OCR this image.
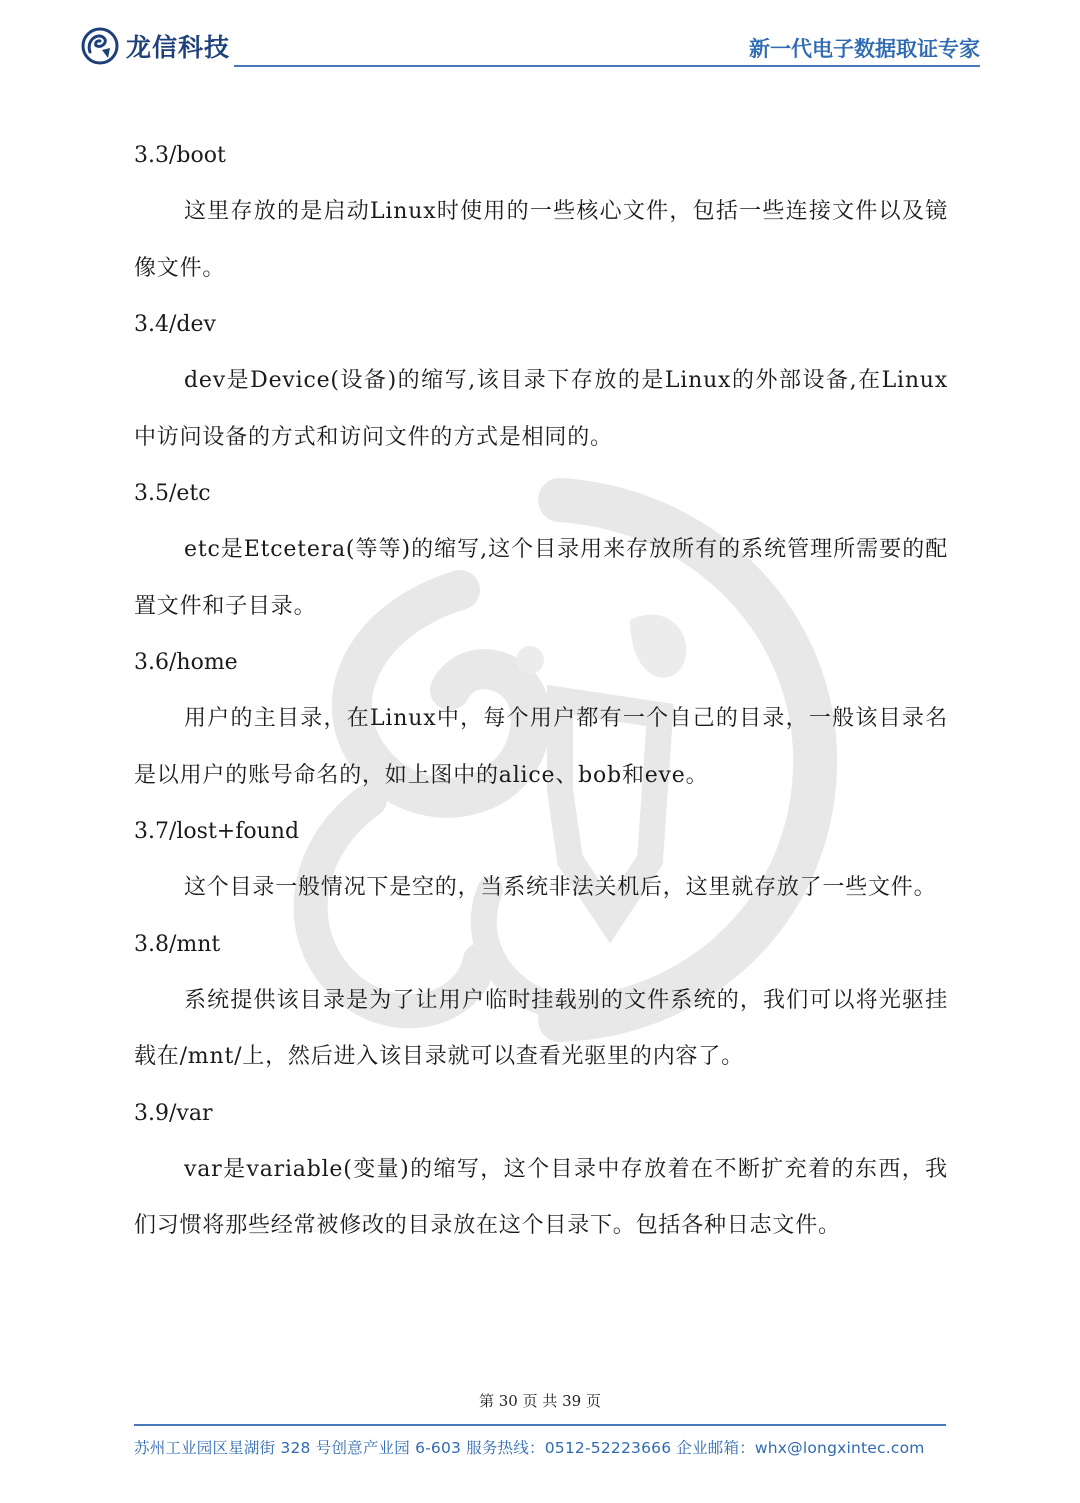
龙信科技	新一代电子数据取证专家
3.3/boot

这里存放的是启动Linux时使用的一些核心文件，包括一些连接文件以及镜像文件。

3.4/dev

dev是Device(设备)的缩写,该目录下存放的是Linux的外部设备,在Linux中访问设备的方式和访问文件的方式是相同的。

3.5/etc

etc是Etcetera(等等)的缩写,这个目录用来存放所有的系统管理所需要的配置文件和子目录。

3.6/home

用户的主目录，在Linux中，每个用户都有一个自己的目录，一般该目录名是以用户的账号命名的，如上图中的alice、bob和eve。

3.7/lost+found

这个目录一般情况下是空的，当系统非法关机后，这里就存放了一些文件。

3.8/mnt

系统提供该目录是为了让用户临时挂载别的文件系统的，我们可以将光驱挂载在/mnt/上，然后进入该目录就可以查看光驱里的内容了。

3.9/var

var是variable(变量)的缩写，这个目录中存放着在不断扩充着的东西，我们习惯将那些经常被修改的目录放在这个目录下。包括各种日志文件。

第 30 页 共 39 页
苏州工业园区星湖街 328 号创意产业园 6-603 服务热线：0512-52223666 企业邮箱：whx@longxintec.com
